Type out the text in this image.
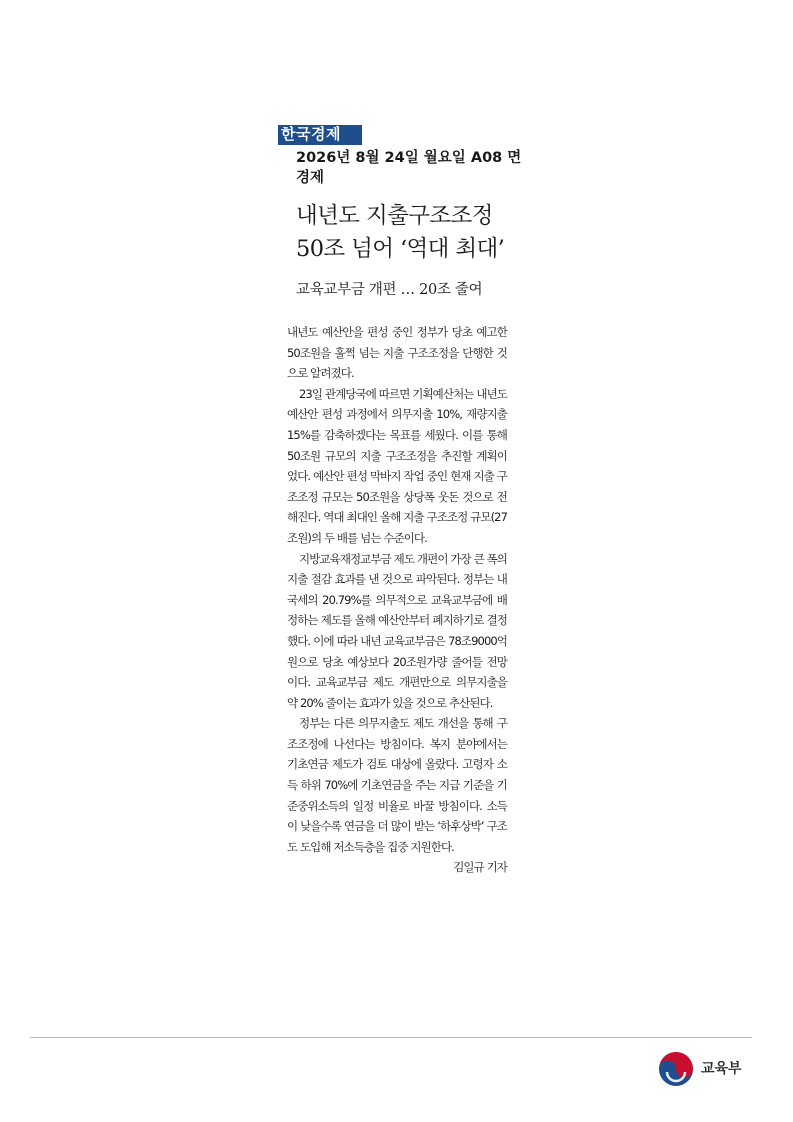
한국경제
2026년 8월 24일 월요일 A08 면 경제
내년도 지출구조조정
50조 넘어 ‘역대 최대’
교육교부금 개편 … 20조 줄여

내년도 예산안을 편성 중인 정부가 당초 예고한 50조원을 훌쩍 넘는 지출 구조조정을 단행한 것으로 알려졌다.

23일 관계당국에 따르면 기획예산처는 내년도 예산안 편성 과정에서 의무지출 10%, 재량지출 15%를 감축하겠다는 목표를 세웠다. 이를 통해 50조원 규모의 지출 구조조정을 추진할 계획이었다. 예산안 편성 막바지 작업 중인 현재 지출 구조조정 규모는 50조원을 상당폭 웃돈 것으로 전해진다. 역대 최대인 올해 지출 구조조정 규모(27조원)의 두 배를 넘는 수준이다.

지방교육재정교부금 제도 개편이 가장 큰 폭의 지출 절감 효과를 낸 것으로 파악된다. 정부는 내국세의 20.79%를 의무적으로 교육교부금에 배정하는 제도를 올해 예산안부터 폐지하기로 결정했다. 이에 따라 내년 교육교부금은 78조9000억원으로 당초 예상보다 20조원가량 줄어들 전망이다. 교육교부금 제도 개편만으로 의무지출을 약 20% 줄이는 효과가 있을 것으로 추산된다.

정부는 다른 의무지출도 제도 개선을 통해 구조조정에 나선다는 방침이다. 복지 분야에서는 기초연금 제도가 검토 대상에 올랐다. 고령자 소득 하위 70%에 기초연금을 주는 지급 기준을 기준중위소득의 일정 비율로 바꿀 방침이다. 소득이 낮을수록 연금을 더 많이 받는 ‘하후상박’ 구조도 도입해 저소득층을 집중 지원한다.
김일규 기자

교육부
